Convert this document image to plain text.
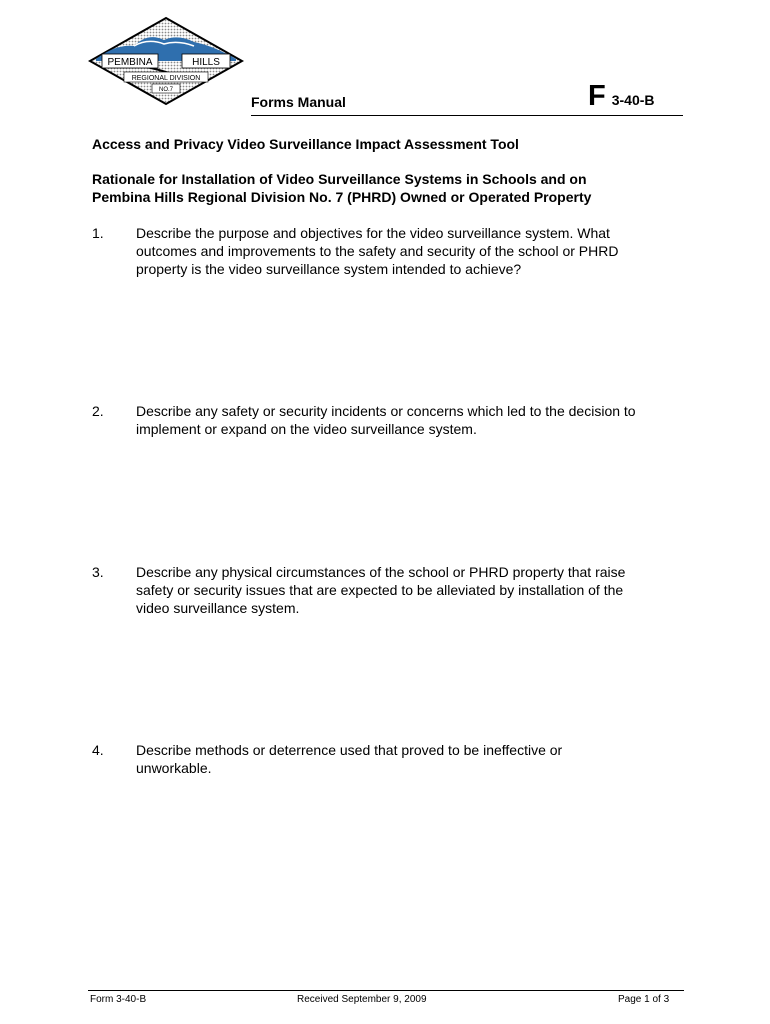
PEMBINA	HILLS
REGIONAL DIVISION
NO.7
Forms Manual	F 3-40-B
Access and Privacy Video Surveillance Impact Assessment Tool
Rationale for Installation of Video Surveillance Systems in Schools and on
Pembina Hills Regional Division No. 7 (PHRD) Owned or Operated Property
1. Describe the purpose and objectives for the video surveillance system. What
outcomes and improvements to the safety and security of the school or PHRD
property is the video surveillance system intended to achieve?
2. Describe any safety or security incidents or concerns which led to the decision to
implement or expand on the video surveillance system.
3. Describe any physical circumstances of the school or PHRD property that raise
safety or security issues that are expected to be alleviated by installation of the
video surveillance system.
4. Describe methods or deterrence used that proved to be ineffective or
unworkable.
Form 3-40-B	Received September 9, 2009	Page 1 of 3
